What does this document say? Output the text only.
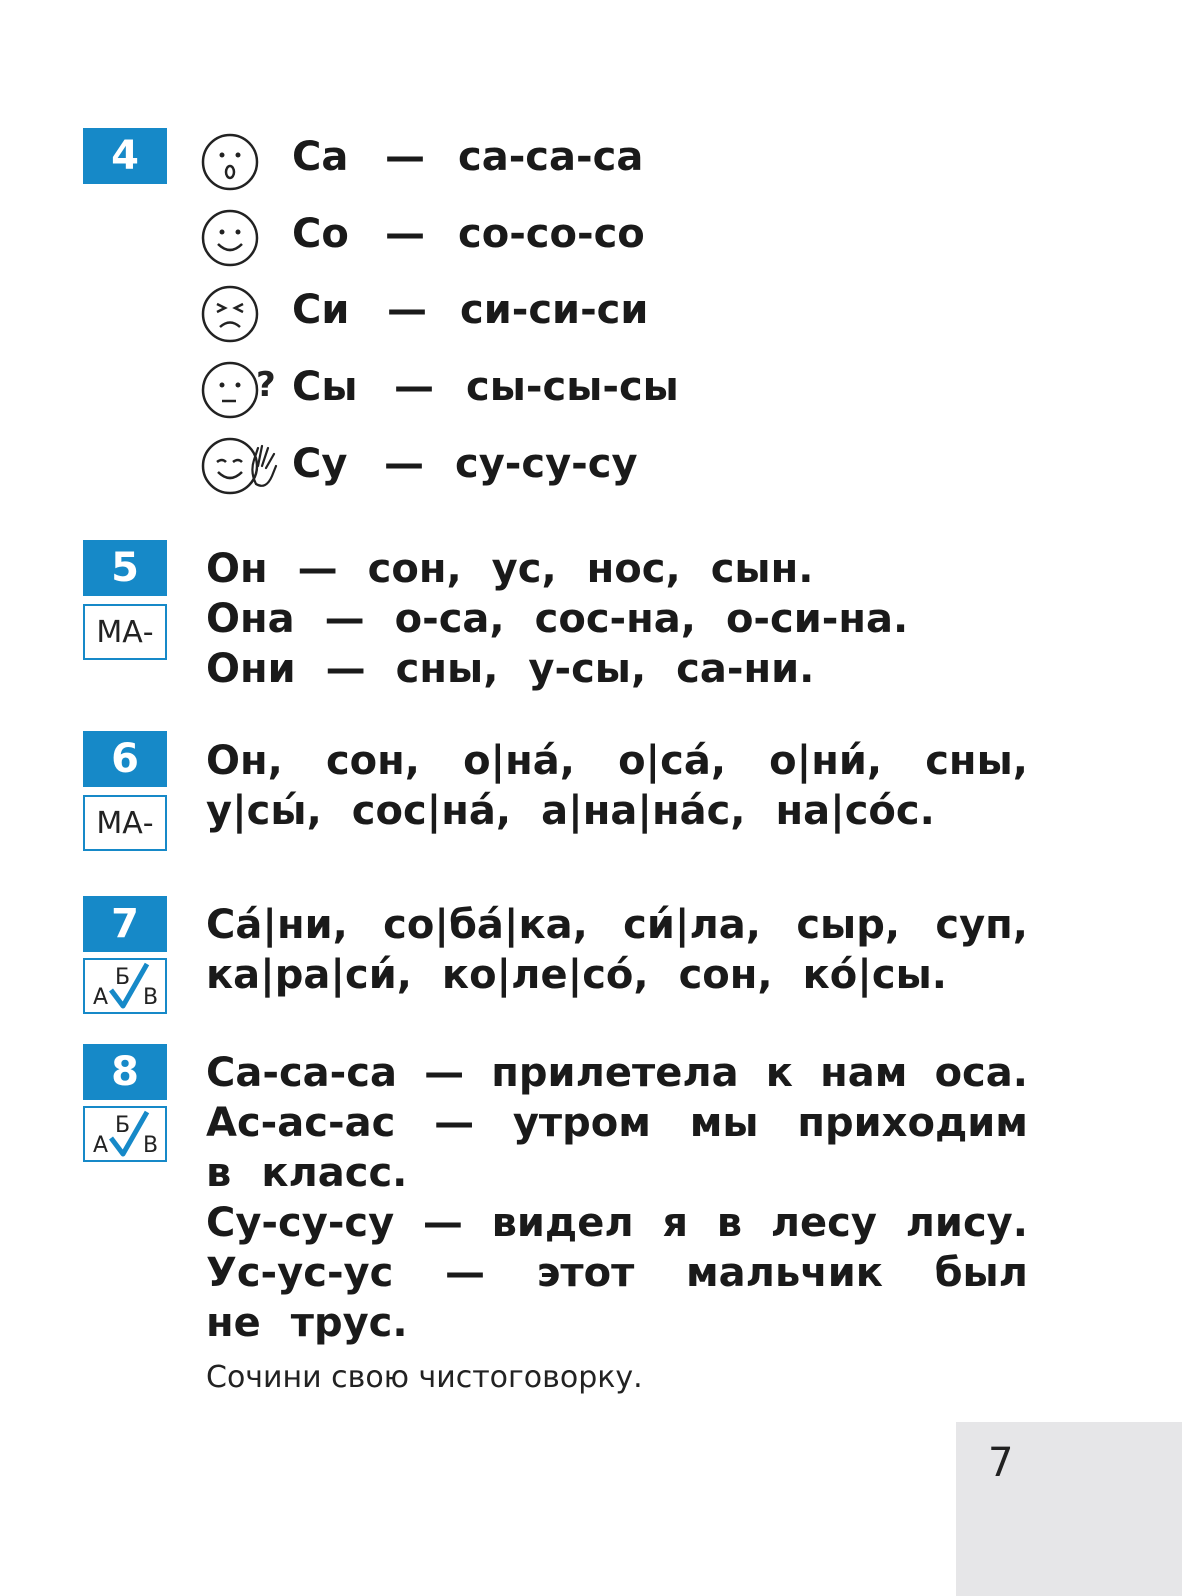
4
?
Са — са-са-са
Со — со-со-со
Си — си-си-си
Сы — сы-сы-сы
Су — су-су-су
5
МА-
Он — сон, ус, нос, сын.
Она — о-са, сос-на, о-си-на.
Они — сны, у-сы, са-ни.
6
МА-
Он, сон, о|нá, о|cá, о|ни́, сны,
у|сы́, сос|нá, а|на|нáс, на|cóс.
7
А
Б
В
Cá|ни, со|бá|ка, си́|ла, сыр, суп,
ка|ра|си́, ко|ле|có, сон, кó|сы.
8
А
Б
В
Са-са-са — прилетела к нам оса.
Ас-ас-ас — утром мы приходим
в класс.
Су-су-су — видел я в лесу лису.
Ус-ус-ус — этот мальчик был
не трус.
Сочини свою чистоговорку.
7
